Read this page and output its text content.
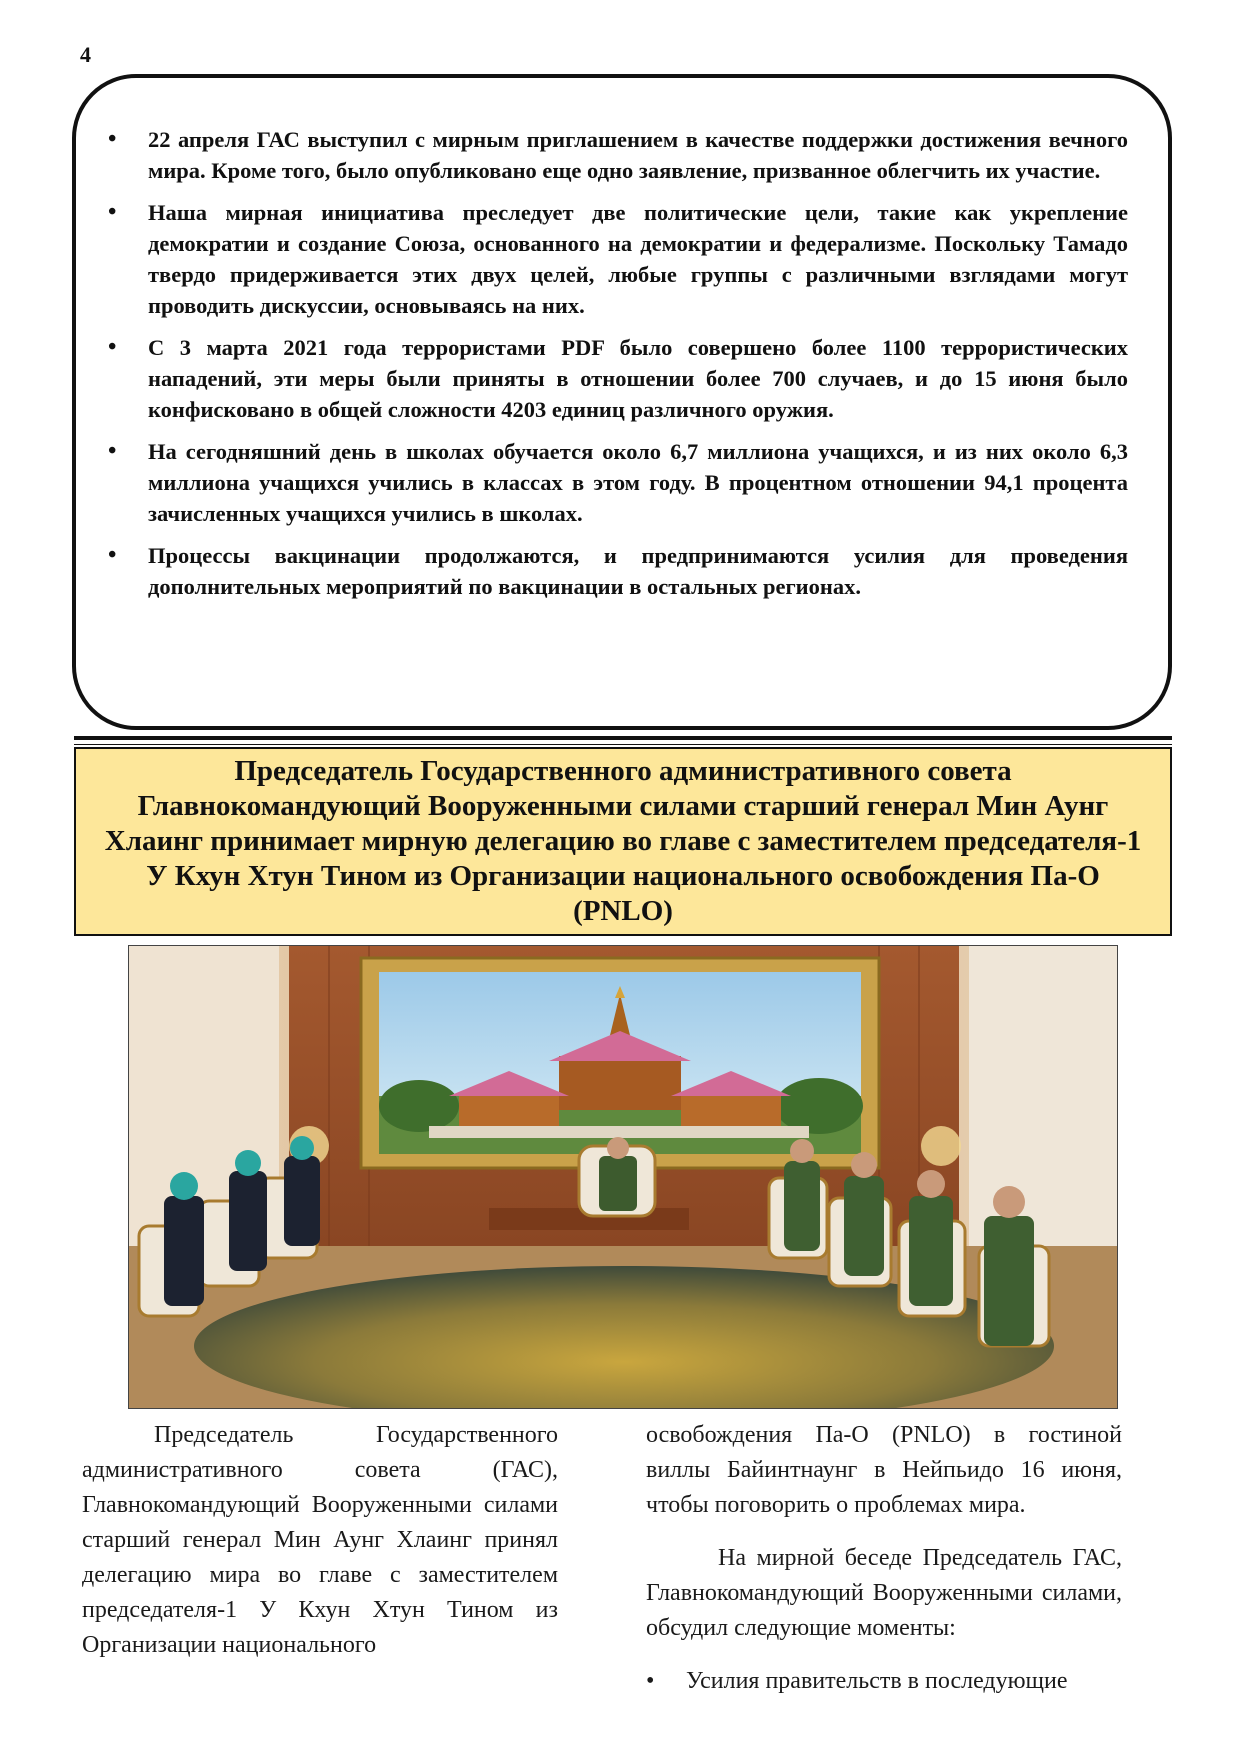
4
• 22 апреля ГАС выступил с мирным приглашением в качестве поддержки достижения вечного мира. Кроме того, было опубликовано еще одно заявление, призванное облегчить их участие.
• Наша мирная инициатива преследует две политические цели, такие как укрепление демократии и создание Союза, основанного на демократии и федерализме. Поскольку Тамадо твердо придерживается этих двух целей, любые группы с различными взглядами могут проводить дискуссии, основываясь на них.
• С 3 марта 2021 года террористами PDF было совершено более 1100 террористических нападений, эти меры были приняты в отношении более 700 случаев, и до 15 июня было конфисковано в общей сложности 4203 единиц различного оружия.
• На сегодняшний день в школах обучается около 6,7 миллиона учащихся, и из них около 6,3 миллиона учащихся учились в классах в этом году. В процентном отношении 94,1 процента зачисленных учащихся учились в школах.
• Процессы вакцинации продолжаются, и предпринимаются усилия для проведения дополнительных мероприятий по вакцинации в остальных регионах.
Председатель Государственного административного совета Главнокомандующий Вооруженными силами старший генерал Мин Аунг Хлаинг принимает мирную делегацию во главе с заместителем председателя-1 У Кхун Хтун Тином из Организации национального освобождения Па-О (PNLO)

Председатель Государственного административного совета (ГАС), Главнокомандующий Вооруженными силами старший генерал Мин Аунг Хлаинг принял делегацию мира во главе с заместителем председателя-1 У Кхун Хтун Тином из Организации национального

освобождения Па-О (PNLO) в гостиной виллы Байинтнаунг в Нейпьидо 16 июня, чтобы поговорить о проблемах мира.

На мирной беседе Председатель ГАС, Главнокомандующий Вооруженными силами, обсудил следующие моменты:

• Усилия правительств в последующие
